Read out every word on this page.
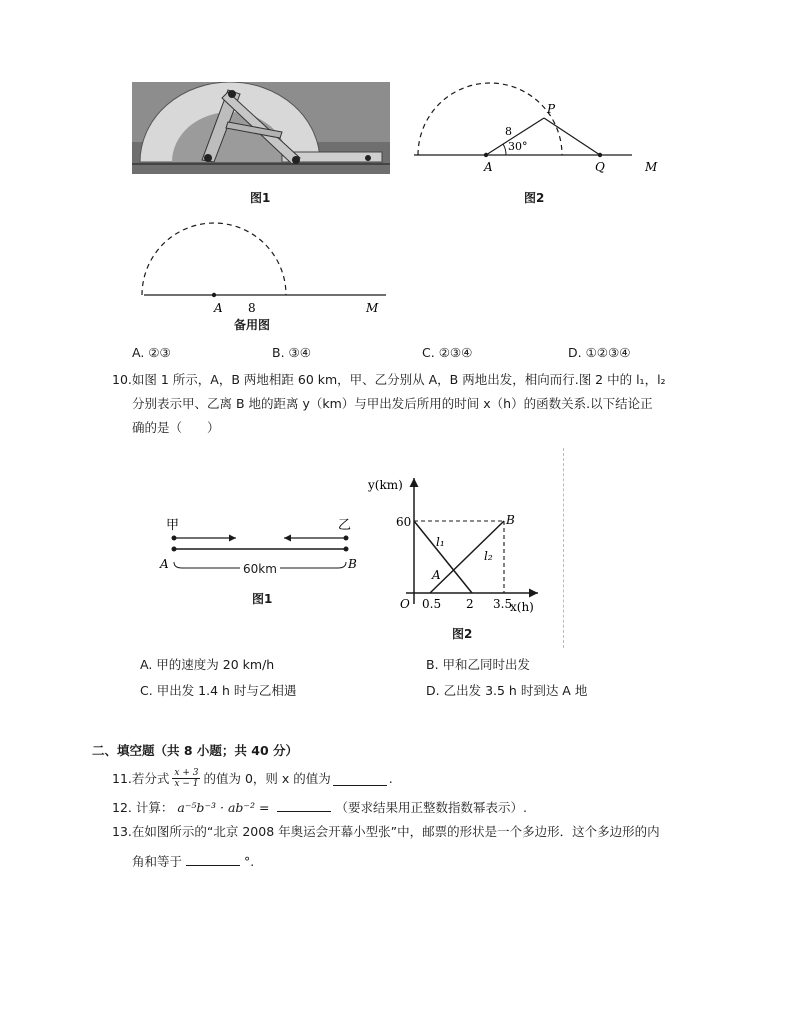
图1
P
8
30°
A	Q	M
图2
A 8	M
备用图
A. ②③	B. ③④	C. ②③④	D. ①②③④
10.如图 1 所示，A，B 两地相距 60 km，甲、乙分别从 A，B 两地出发，相向而行.图 2 中的 l₁，l₂
分别表示甲、乙离 B 地的距离 y（km）与甲出发后所用的时间 x（h）的函数关系.以下结论正
确的是（　　）
甲	乙
A	B
60km
图1
y(km)
x(h)
60
O 0.5 2 3.5
l₁
l₂
B
A
图2
A. 甲的速度为 20 km/h	B. 甲和乙同时出发
C. 甲出发 1.4 h 时与乙相遇	D. 乙出发 3.5 h 时到达 A 地
二、填空题（共 8 小题；共 40 分）
11. 若分式 $\frac{x + 3}{x - 1}$ 的值为 0，则 x 的值为	.
12. 计算： a⁻⁵b⁻³ · ab⁻² =	（要求结果用正整数指数幂表示）.
13.在如图所示的“北京 2008 年奥运会开幕小型张”中，邮票的形状是一个多边形．这个多边形的内
角和等于	°.
